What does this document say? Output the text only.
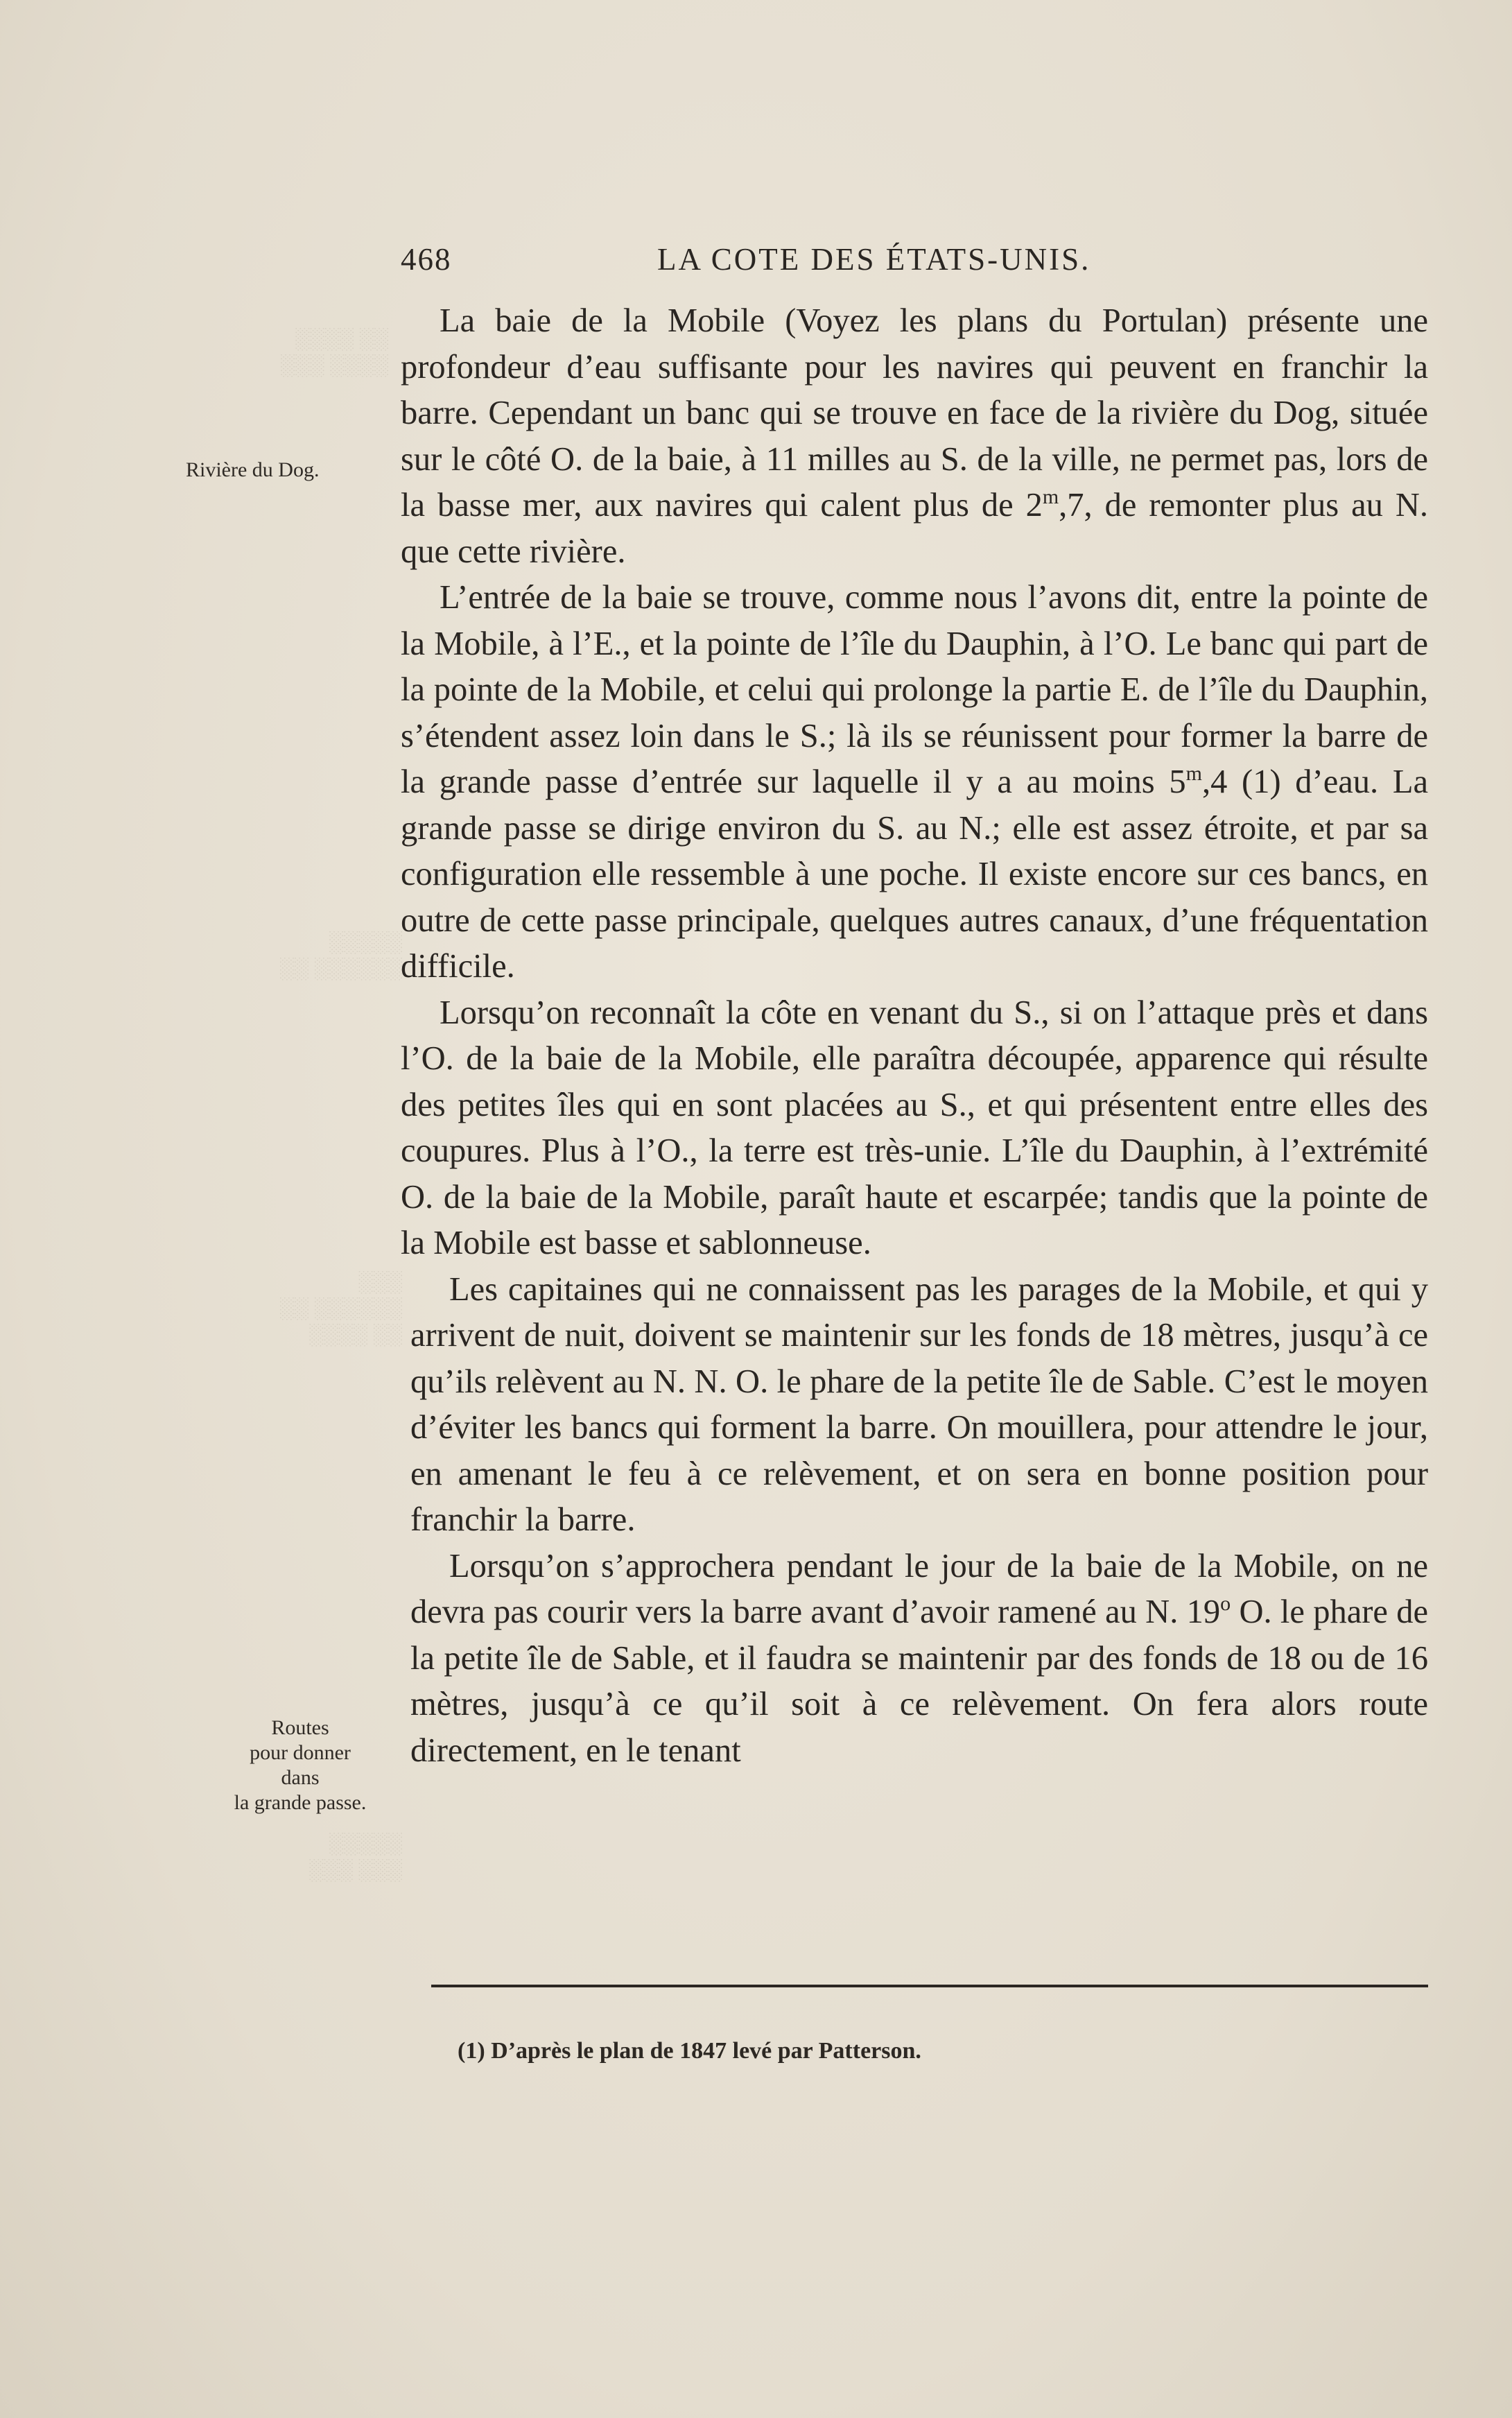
░░░░ ░░
░░░ ░░░░
░░░░░
░░ ░░░░░░
░░░
░░ ░░░░░░
░░░░ ░░
░░░░░
░░░ ░░░
468	LA COTE DES ÉTATS-UNIS.
Rivière du Dog.
Routes
pour donner
dans
la grande passe.

La baie de la Mobile (Voyez les plans du Portulan) présente une profondeur d’eau suffisante pour les navires qui peuvent en franchir la barre. Cependant un banc qui se trouve en face de la rivière du Dog, située sur le côté O. de la baie, à 11 milles au S. de la ville, ne permet pas, lors de la basse mer, aux navires qui calent plus de 2$^m$,7, de remonter plus au N. que cette rivière.

L’entrée de la baie se trouve, comme nous l’avons dit, entre la pointe de la Mobile, à l’E., et la pointe de l’île du Dauphin, à l’O. Le banc qui part de la pointe de la Mobile, et celui qui prolonge la partie E. de l’île du Dauphin, s’étendent assez loin dans le S.; là ils se réunissent pour former la barre de la grande passe d’entrée sur laquelle il y a au moins 5$^m$,4 (1) d’eau. La grande passe se dirige environ du S. au N.; elle est assez étroite, et par sa configuration elle ressemble à une poche. Il existe encore sur ces bancs, en outre de cette passe principale, quelques autres canaux, d’une fréquentation difficile.

Lorsqu’on reconnaît la côte en venant du S., si on l’attaque près et dans l’O. de la baie de la Mobile, elle paraîtra découpée, apparence qui résulte des petites îles qui en sont placées au S., et qui présentent entre elles des coupures. Plus à l’O., la terre est très-unie. L’île du Dauphin, à l’extrémité O. de la baie de la Mobile, paraît haute et escarpée; tandis que la pointe de la Mobile est basse et sablonneuse.

Les capitaines qui ne connaissent pas les parages de la Mobile, et qui y arrivent de nuit, doivent se maintenir sur les fonds de 18 mètres, jusqu’à ce qu’ils relèvent au N. N. O. le phare de la petite île de Sable. C’est le moyen d’éviter les bancs qui forment la barre. On mouillera, pour attendre le jour, en amenant le feu à ce relèvement, et on sera en bonne position pour franchir la barre.

Lorsqu’on s’approchera pendant le jour de la baie de la Mobile, on ne devra pas courir vers la barre avant d’avoir ramené au N. 19$^o$ O. le phare de la petite île de Sable, et il faudra se maintenir par des fonds de 18 ou de 16 mètres, jusqu’à ce qu’il soit à ce relèvement. On fera alors route directement, en le tenant

(1) D’après le plan de 1847 levé par Patterson.
